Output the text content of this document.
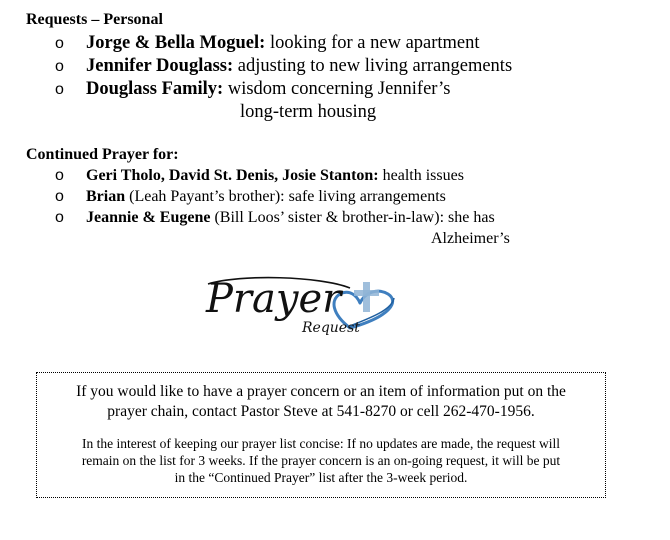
Requests – Personal
o Jorge & Bella Moguel: looking for a new apartment
o Jennifer Douglass: adjusting to new living arrangements
o Douglass Family: wisdom concerning Jennifer’s
long-term housing
Continued Prayer for:
o Geri Tholo, David St. Denis, Josie Stanton: health issues
o Brian (Leah Payant’s brother): safe living arrangements
o Jeannie & Eugene (Bill Loos’ sister & brother-in-law): she has
Alzheimer’s
Prayer
Request
If you would like to have a prayer concern or an item of information put on the
prayer chain, contact Pastor Steve at 541-8270 or cell 262-470-1956.
In the interest of keeping our prayer list concise: If no updates are made, the request will
remain on the list for 3 weeks. If the prayer concern is an on-going request, it will be put
in the “Continued Prayer” list after the 3-week period.
